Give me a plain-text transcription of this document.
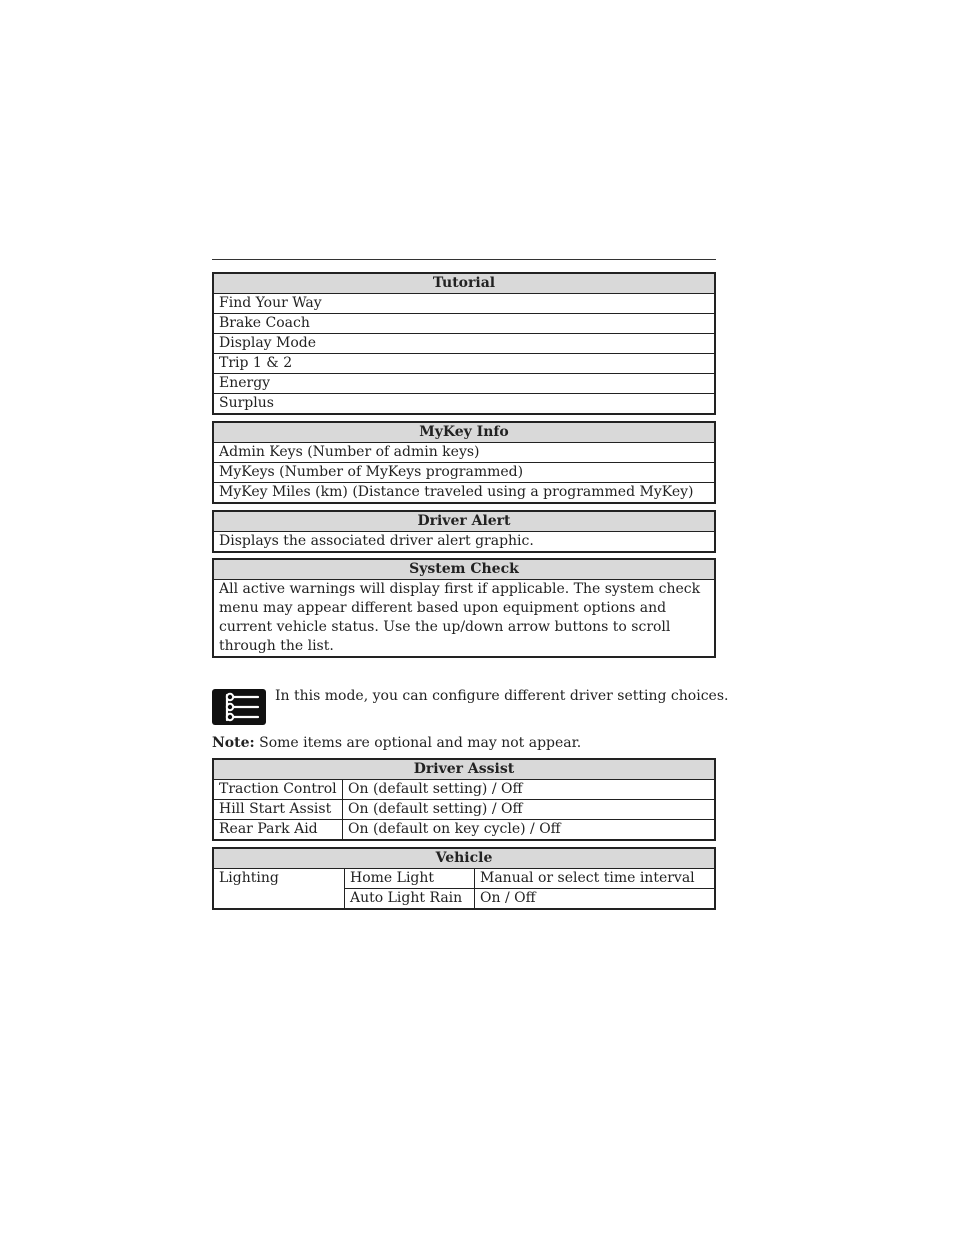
Tutorial
Find Your Way
Brake Coach
Display Mode
Trip 1 & 2
Energy
Surplus
MyKey Info
Admin Keys (Number of admin keys)
MyKeys (Number of MyKeys programmed)
MyKey Miles (km) (Distance traveled using a programmed MyKey)
Driver Alert
Displays the associated driver alert graphic.
System Check
All active warnings will display first if applicable. The system check menu may appear different based upon equipment options and current vehicle status. Use the up/down arrow buttons to scroll through the list.
In this mode, you can configure different driver setting choices.
Note: Some items are optional and may not appear.
Driver Assist	
Traction Control	On (default setting) / Off
Hill Start Assist	On (default setting) / Off
Rear Park Aid	On (default on key cycle) / Off
Vehicle		
Lighting	Home Light	Manual or select time interval
	Auto Light Rain	On / Off
